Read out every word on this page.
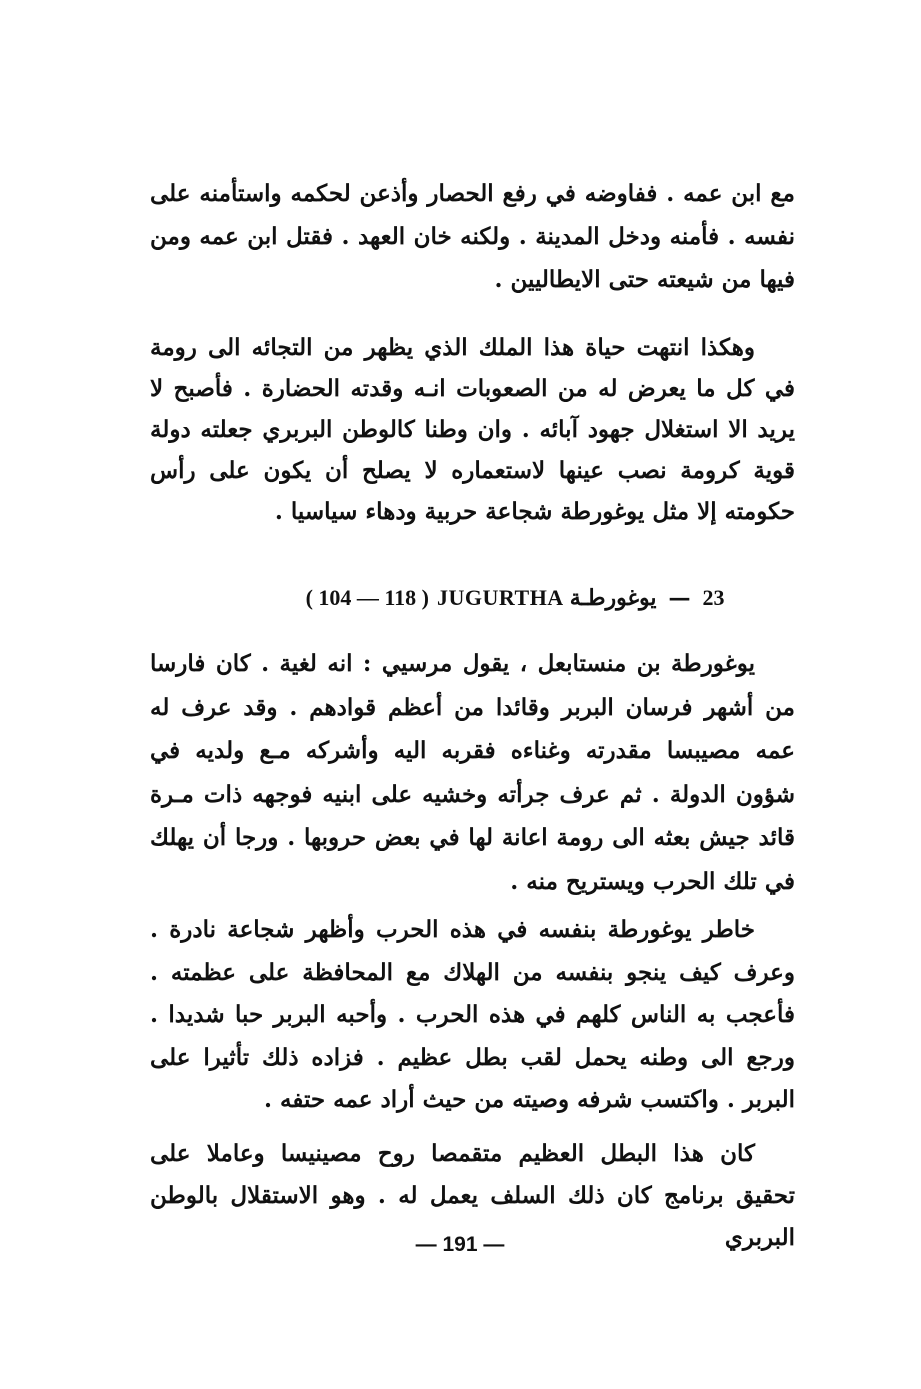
مع ابن عمه . ففاوضه في رفع الحصار وأذعن لحكمه واستأمنه على نفسه . فأمنه ودخل المدينة . ولكنه خان العهد . فقتل ابن عمه ومن فيها من شيعته حتى الايطاليين .

وهكذا انتهت حياة هذا الملك الذي يظهر من التجائه الى رومة في كل ما يعرض له من الصعوبات انـه وقدته الحضارة . فأصبح لا يريد الا استغلال جهود آبائه . وان وطنا كالوطن البربري جعلته دولة قوية كرومة نصب عينها لاستعماره لا يصلح أن يكون على رأس حكومته إلا مثل يوغورطة شجاعة حربية ودهاء سياسيا .

23—يوغورطـةJUGURTHA( 104 — 118 )

يوغورطة بن منستابعل ، يقول مرسيي : انه لغية . كان فارسا من أشهر فرسان البربر وقائدا من أعظم قوادهم . وقد عرف له عمه مصيبسا مقدرته وغناءه فقربه اليه وأشركه مـع ولديه في شؤون الدولة . ثم عرف جرأته وخشيه على ابنيه فوجهه ذات مـرة قائد جيش بعثه الى رومة اعانة لها في بعض حروبها . ورجا أن يهلك في تلك الحرب ويستريح منه .

خاطر يوغورطة بنفسه في هذه الحرب وأظهر شجاعة نادرة . وعرف كيف ينجو بنفسه من الهلاك مع المحافظة على عظمته . فأعجب به الناس كلهم في هذه الحرب . وأحبه البربر حبا شديدا . ورجع الى وطنه يحمل لقب بطل عظيم . فزاده ذلك تأثيرا على البربر . واكتسب شرفه وصيته من حيث أراد عمه حتفه .

كان هذا البطل العظيم متقمصا روح مصينيسا وعاملا على تحقيق برنامج كان ذلك السلف يعمل له . وهو الاستقلال بالوطن البربري

— 191 —
